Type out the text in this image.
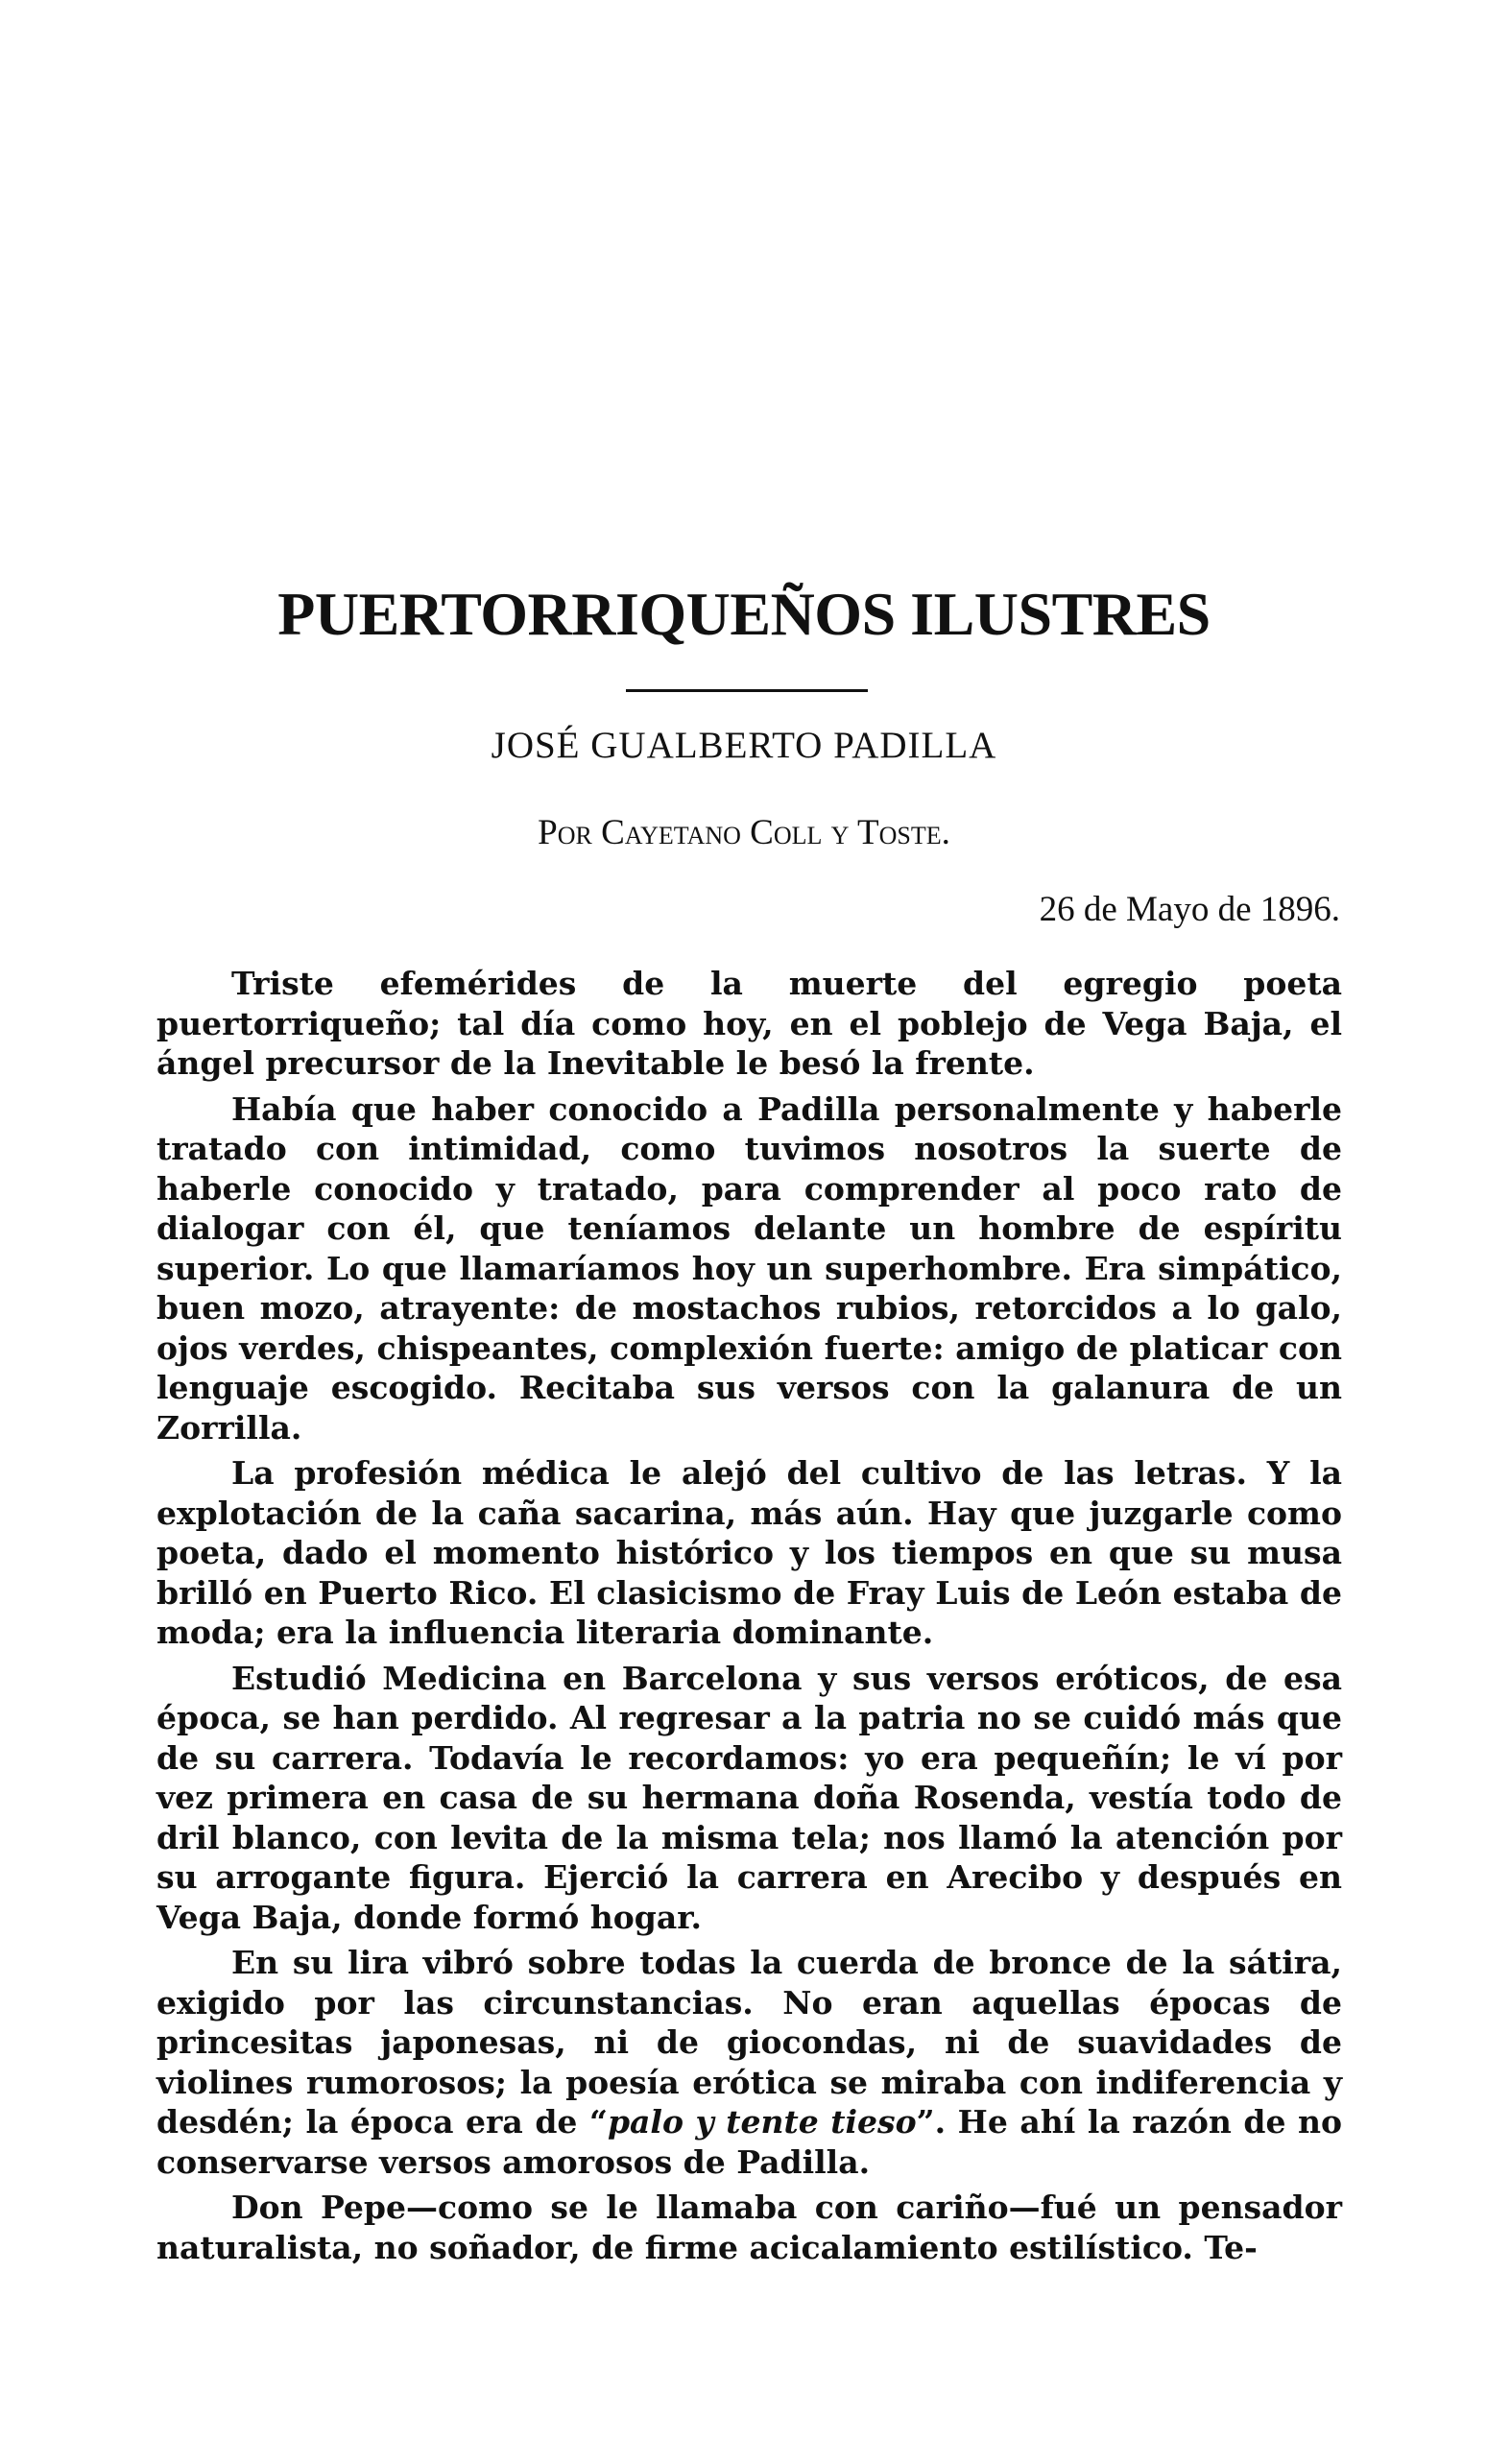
PUERTORRIQUEÑOS ILUSTRES
JOSÉ GUALBERTO PADILLA
Por Cayetano Coll y Toste.
26 de Mayo de 1896.

Triste efemérides de la muerte del egregio poeta puertorriqueño; tal día como hoy, en el poblejo de Vega Baja, el ángel precursor de la Inevitable le besó la frente.

Había que haber conocido a Padilla personalmente y haberle tratado con intimidad, como tuvimos nosotros la suerte de haberle conocido y tratado, para comprender al poco rato de dialogar con él, que teníamos delante un hombre de espíritu superior. Lo que llamaríamos hoy un superhombre. Era simpático, buen mozo, atrayente: de mostachos rubios, retorcidos a lo galo, ojos verdes, chispeantes, complexión fuerte: amigo de platicar con lenguaje escogido. Recitaba sus versos con la galanura de un Zorrilla.

La profesión médica le alejó del cultivo de las letras. Y la explotación de la caña sacarina, más aún. Hay que juzgarle como poeta, dado el momento histórico y los tiempos en que su musa brilló en Puerto Rico. El clasicismo de Fray Luis de León estaba de moda; era la influencia literaria dominante.

Estudió Medicina en Barcelona y sus versos eróticos, de esa época, se han perdido. Al regresar a la patria no se cuidó más que de su carrera. Todavía le recordamos: yo era pequeñín; le ví por vez primera en casa de su hermana doña Rosenda, vestía todo de dril blanco, con levita de la misma tela; nos llamó la atención por su arrogante figura. Ejerció la carrera en Arecibo y después en Vega Baja, donde formó hogar.

En su lira vibró sobre todas la cuerda de bronce de la sátira, exigido por las circunstancias. No eran aquellas épocas de princesitas japonesas, ni de giocondas, ni de suavidades de violines rumorosos; la poesía erótica se miraba con indiferencia y desdén; la época era de “palo y tente tieso”. He ahí la razón de no conservarse versos amorosos de Padilla.

Don Pepe—como se le llamaba con cariño—fué un pensador naturalista, no soñador, de firme acicalamiento estilístico. Te-
